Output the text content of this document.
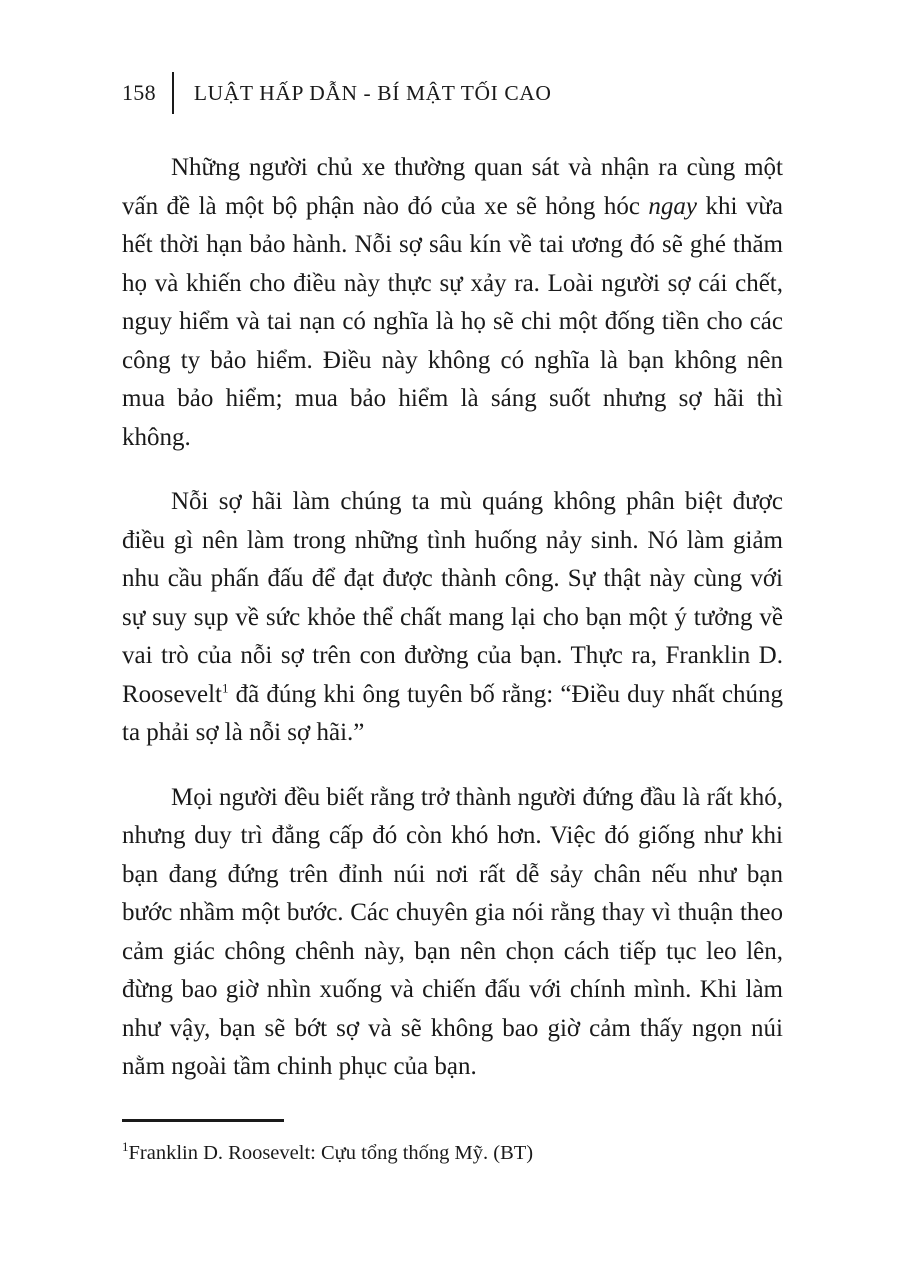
158 LUẬT HẤP DẪN - BÍ MẬT TỐI CAO

Những người chủ xe thường quan sát và nhận ra cùng một vấn đề là một bộ phận nào đó của xe sẽ hỏng hóc ngay khi vừa hết thời hạn bảo hành. Nỗi sợ sâu kín về tai ương đó sẽ ghé thăm họ và khiến cho điều này thực sự xảy ra. Loài người sợ cái chết, nguy hiểm và tai nạn có nghĩa là họ sẽ chi một đống tiền cho các công ty bảo hiểm. Điều này không có nghĩa là bạn không nên mua bảo hiểm; mua bảo hiểm là sáng suốt nhưng sợ hãi thì không.

Nỗi sợ hãi làm chúng ta mù quáng không phân biệt được điều gì nên làm trong những tình huống nảy sinh. Nó làm giảm nhu cầu phấn đấu để đạt được thành công. Sự thật này cùng với sự suy sụp về sức khỏe thể chất mang lại cho bạn một ý tưởng về vai trò của nỗi sợ trên con đường của bạn. Thực ra, Franklin D. Roosevelt$^1$ đã đúng khi ông tuyên bố rằng: “Điều duy nhất chúng ta phải sợ là nỗi sợ hãi.”

Mọi người đều biết rằng trở thành người đứng đầu là rất khó, nhưng duy trì đẳng cấp đó còn khó hơn. Việc đó giống như khi bạn đang đứng trên đỉnh núi nơi rất dễ sảy chân nếu như bạn bước nhầm một bước. Các chuyên gia nói rằng thay vì thuận theo cảm giác chông chênh này, bạn nên chọn cách tiếp tục leo lên, đừng bao giờ nhìn xuống và chiến đấu với chính mình. Khi làm như vậy, bạn sẽ bớt sợ và sẽ không bao giờ cảm thấy ngọn núi nằm ngoài tầm chinh phục của bạn.

$^1$Franklin D. Roosevelt: Cựu tổng thống Mỹ. (BT)
